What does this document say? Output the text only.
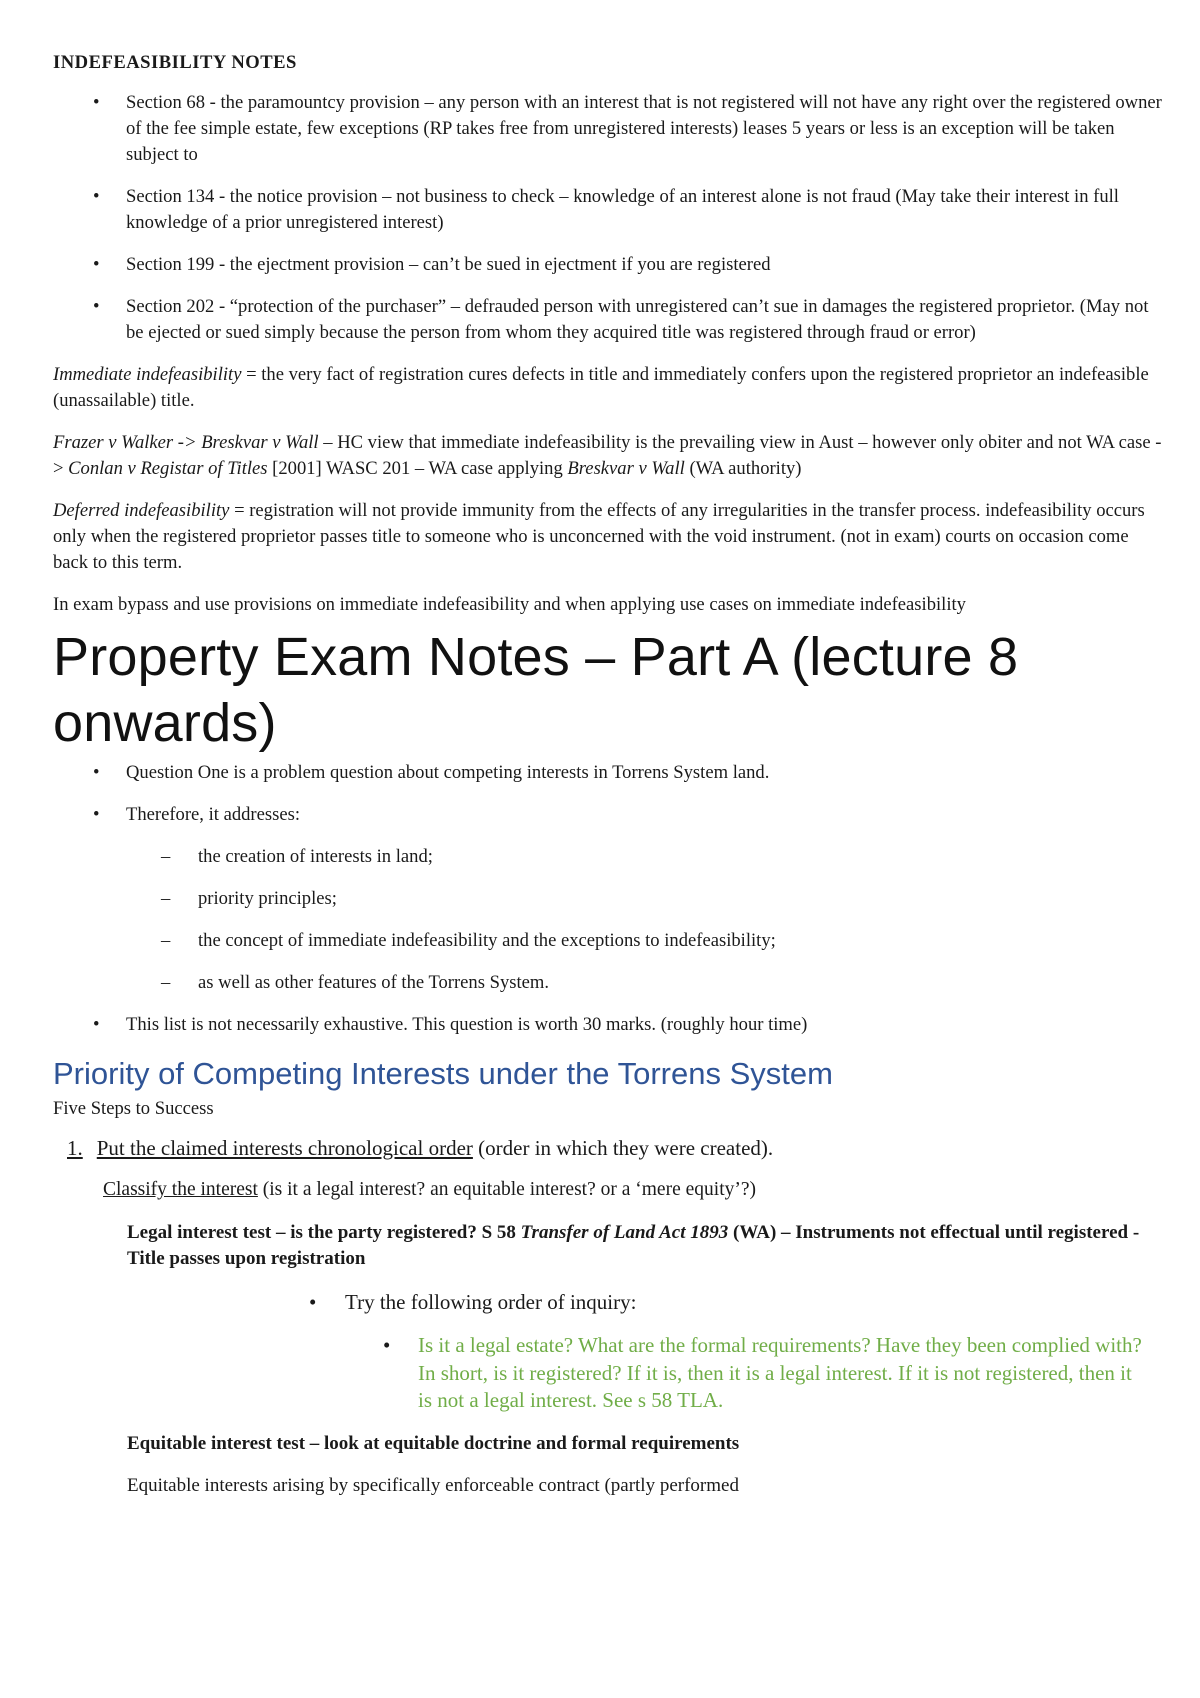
INDEFEASIBILITY NOTES

• Section 68 - the paramountcy provision – any person with an interest that is not registered will not have any right over the registered owner of the fee simple estate, few exceptions (RP takes free from unregistered interests) leases 5 years or less is an exception will be taken subject to
• Section 134 - the notice provision – not business to check – knowledge of an interest alone is not fraud (May take their interest in full knowledge of a prior unregistered interest)
• Section 199 - the ejectment provision – can’t be sued in ejectment if you are registered
• Section 202 - “protection of the purchaser” – defrauded person with unregistered can’t sue in damages the registered proprietor. (May not be ejected or sued simply because the person from whom they acquired title was registered through fraud or error)

Immediate indefeasibility = the very fact of registration cures defects in title and immediately confers upon the registered proprietor an indefeasible (unassailable) title.

Frazer v Walker -> Breskvar v Wall – HC view that immediate indefeasibility is the prevailing view in Aust – however only obiter and not WA case -> Conlan v Registar of Titles [2001] WASC 201 – WA case applying Breskvar v Wall (WA authority)

Deferred indefeasibility = registration will not provide immunity from the effects of any irregularities in the transfer process. indefeasibility occurs only when the registered proprietor passes title to someone who is unconcerned with the void instrument. (not in exam) courts on occasion come back to this term.

In exam bypass and use provisions on immediate indefeasibility and when applying use cases on immediate indefeasibility

Property Exam Notes – Part A (lecture 8 onwards)
• Question One is a problem question about competing interests in Torrens System land.
• Therefore, it addresses:
– the creation of interests in land;
– priority principles;
– the concept of immediate indefeasibility and the exceptions to indefeasibility;
– as well as other features of the Torrens System.
• This list is not necessarily exhaustive. This question is worth 30 marks. (roughly hour time)
Priority of Competing Interests under the Torrens System

Five Steps to Success

1. Put the claimed interests chronological order (order in which they were created).

Classify the interest (is it a legal interest? an equitable interest? or a ‘mere equity’?)

Legal interest test – is the party registered? S 58 Transfer of Land Act 1893 (WA) – Instruments not effectual until registered - Title passes upon registration

• Try the following order of inquiry:

• Is it a legal estate? What are the formal requirements? Have they been complied with? In short, is it registered? If it is, then it is a legal interest. If it is not registered, then it is not a legal interest. See s 58 TLA.

Equitable interest test – look at equitable doctrine and formal requirements

Equitable interests arising by specifically enforceable contract (partly performed
